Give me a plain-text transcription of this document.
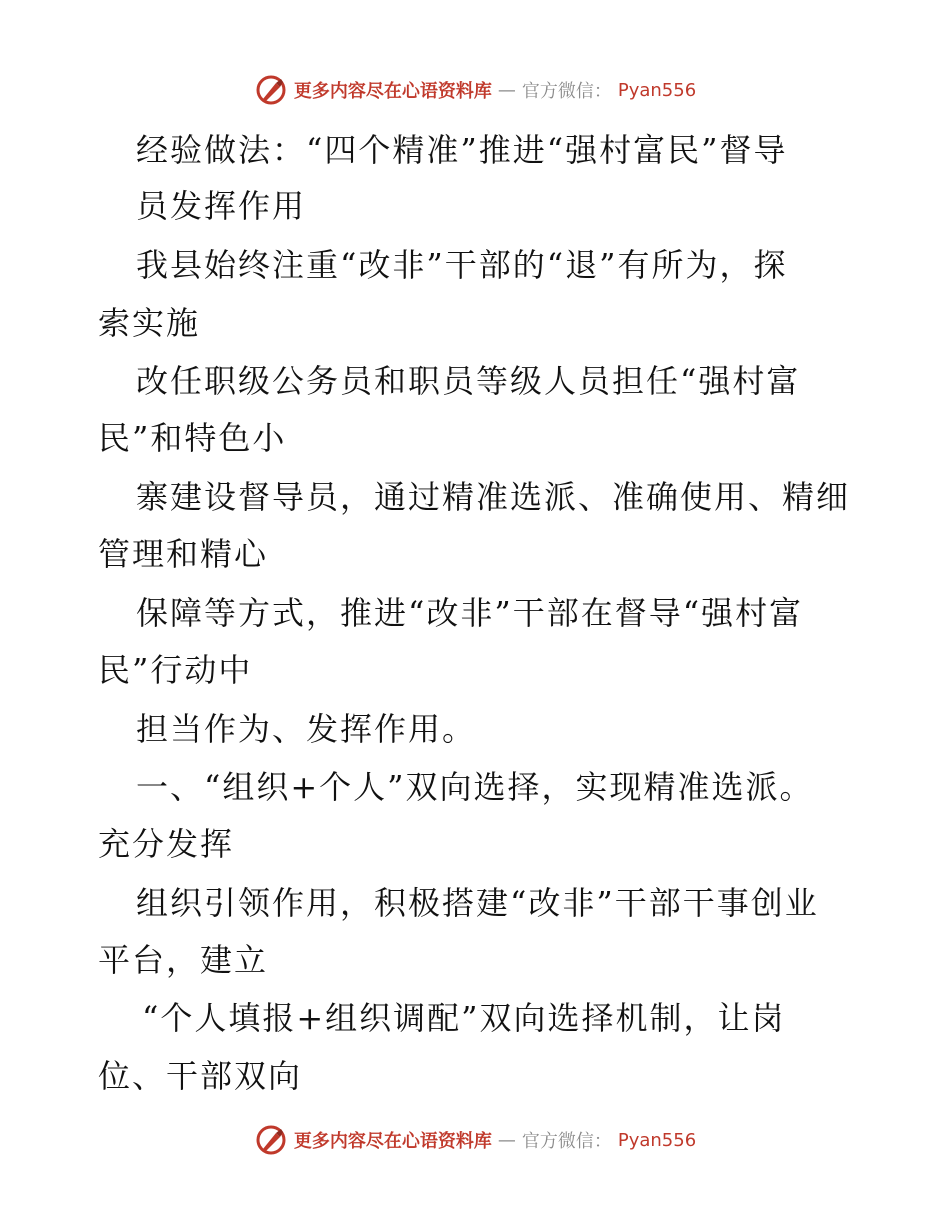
更多内容尽在心语资料库 — 官方微信： Pyan556
经验做法：“四个精准”推进“强村富民”督导
员发挥作用
我县始终注重“改非”干部的“退”有所为，探
索实施
改任职级公务员和职员等级人员担任“强村富
民”和特色小
寨建设督导员，通过精准选派、准确使用、精细
管理和精心
保障等方式，推进“改非”干部在督导“强村富
民”行动中
担当作为、发挥作用。
一、“组织+个人”双向选择，实现精准选派。
充分发挥
组织引领作用，积极搭建“改非”干部干事创业
平台，建立
“个人填报+组织调配”双向选择机制，让岗
位、干部双向
更多内容尽在心语资料库 — 官方微信： Pyan556
